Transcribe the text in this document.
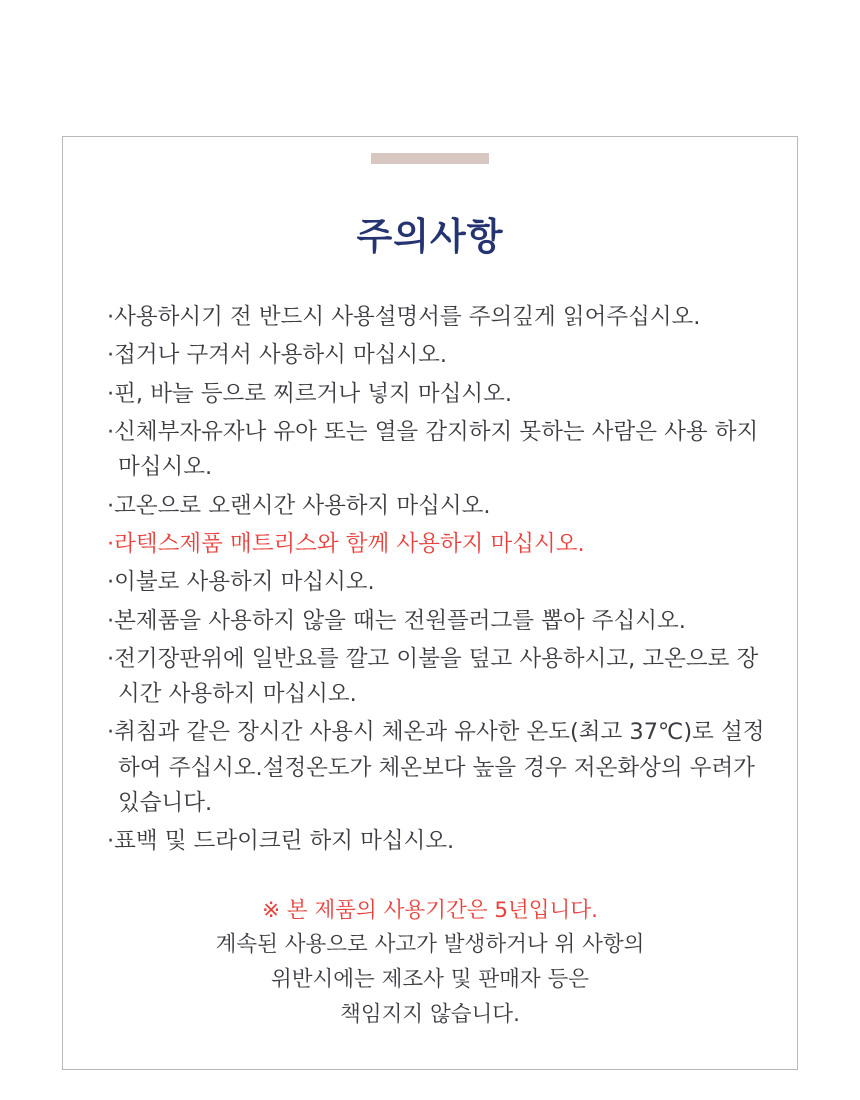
주의사항
·사용하시기 전 반드시 사용설명서를 주의깊게 읽어주십시오.
·접거나 구겨서 사용하시 마십시오.
·핀, 바늘 등으로 찌르거나 넣지 마십시오.
·신체부자유자나 유아 또는 열을 감지하지 못하는 사람은 사용 하지 마십시오.
·고온으로 오랜시간 사용하지 마십시오.
·라텍스제품 매트리스와 함께 사용하지 마십시오.
·이불로 사용하지 마십시오.
·본제품을 사용하지 않을 때는 전원플러그를 뽑아 주십시오.
·전기장판위에 일반요를 깔고 이불을 덮고 사용하시고, 고온으로 장시간 사용하지 마십시오.
·취침과 같은 장시간 사용시 체온과 유사한 온도(최고 37℃)로 설정하여 주십시오.설정온도가 체온보다 높을 경우 저온화상의 우려가 있습니다.
·표백 및 드라이크린 하지 마십시오.
※ 본 제품의 사용기간은 5년입니다.
계속된 사용으로 사고가 발생하거나 위 사항의
위반시에는 제조사 및 판매자 등은
책임지지 않습니다.
